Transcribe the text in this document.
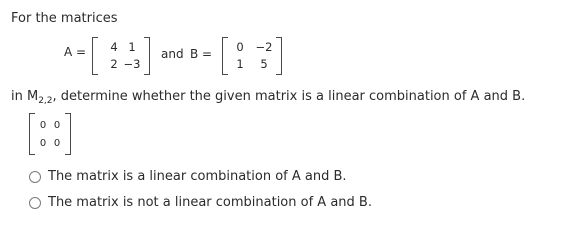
For the matrices
A =	4 1
2 −3
and B =	0	−2
1	5
in $M_{2,2}$, determine whether the given matrix is a linear combination of A and B.
0 0
0 0
The matrix is a linear combination of A and B.
The matrix is not a linear combination of A and B.
